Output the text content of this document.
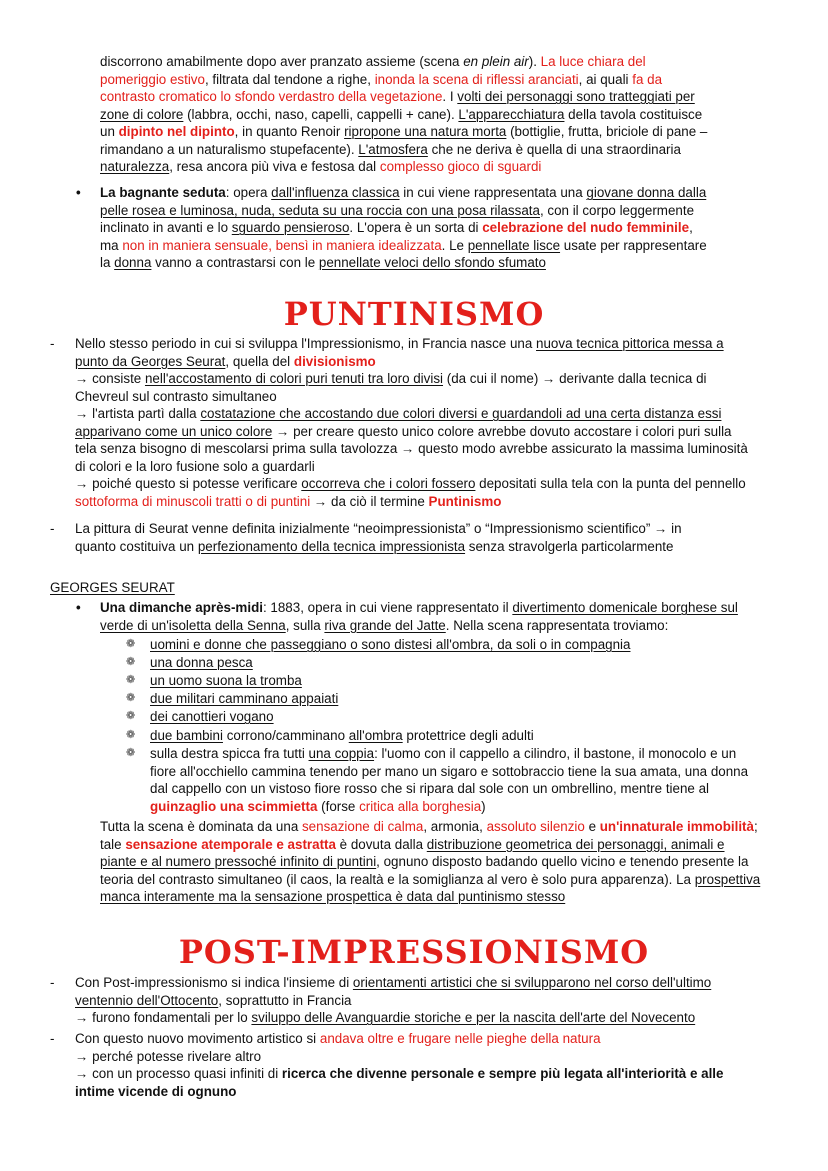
discorrono amabilmente dopo aver pranzato assieme (scena en plein air). La luce chiara del

pomeriggio estivo, filtrata dal tendone a righe, inonda la scena di riflessi aranciati, ai quali fa da

contrasto cromatico lo sfondo verdastro della vegetazione. I volti dei personaggi sono tratteggiati per

zone di colore (labbra, occhi, naso, capelli, cappelli + cane). L'apparecchiatura della tavola costituisce

un dipinto nel dipinto, in quanto Renoir ripropone una natura morta (bottiglie, frutta, briciole di pane –

rimandano a un naturalismo stupefacente). L'atmosfera che ne deriva è quella di una straordinaria

naturalezza, resa ancora più viva e festosa dal complesso gioco di sguardi

• La bagnante seduta: opera dall'influenza classica in cui viene rappresentata una giovane donna dalla

pelle rosea e luminosa, nuda, seduta su una roccia con una posa rilassata, con il corpo leggermente

inclinato in avanti e lo sguardo pensieroso. L'opera è un sorta di celebrazione del nudo femminile,

ma non in maniera sensuale, bensì in maniera idealizzata. Le pennellate lisce usate per rappresentare

la donna vanno a contrastarsi con le pennellate veloci dello sfondo sfumato

PUNTINISMO
- Nello stesso periodo in cui si sviluppa l'Impressionismo, in Francia nasce una nuova tecnica pittorica messa a

punto da Georges Seurat, quella del divisionismo

→ consiste nell'accostamento di colori puri tenuti tra loro divisi (da cui il nome) → derivante dalla tecnica di

Chevreul sul contrasto simultaneo

→ l'artista partì dalla costatazione che accostando due colori diversi e guardandoli ad una certa distanza essi

apparivano come un unico colore → per creare questo unico colore avrebbe dovuto accostare i colori puri sulla

tela senza bisogno di mescolarsi prima sulla tavolozza → questo modo avrebbe assicurato la massima luminosità

di colori e la loro fusione solo a guardarli

→ poiché questo si potesse verificare occorreva che i colori fossero depositati sulla tela con la punta del pennello

sottoforma di minuscoli tratti o di puntini → da ciò il termine Puntinismo

- La pittura di Seurat venne definita inizialmente “neoimpressionista” o “Impressionismo scientifico” → in

quanto costituiva un perfezionamento della tecnica impressionista senza stravolgerla particolarmente

GEORGES SEURAT
• Una dimanche après-midi: 1883, opera in cui viene rappresentato il divertimento domenicale borghese sul

verde di un'isoletta della Senna, sulla riva grande del Jatte. Nella scena rappresentata troviamo:

❁ uomini e donne che passeggiano o sono distesi all'ombra, da soli o in compagnia
❁ una donna pesca
❁ un uomo suona la tromba
❁ due militari camminano appaiati
❁ dei canottieri vogano
❁ due bambini corrono/camminano all'ombra protettrice degli adulti
❁ sulla destra spicca fra tutti una coppia: l'uomo con il cappello a cilindro, il bastone, il monocolo e un

fiore all'occhiello cammina tenendo per mano un sigaro e sottobraccio tiene la sua amata, una donna

dal cappello con un vistoso fiore rosso che si ripara dal sole con un ombrellino, mentre tiene al

guinzaglio una scimmietta (forse critica alla borghesia)

Tutta la scena è dominata da una sensazione di calma, armonia, assoluto silenzio e un'innaturale immobilità;

tale sensazione atemporale e astratta è dovuta dalla distribuzione geometrica dei personaggi, animali e

piante e al numero pressoché infinito di puntini, ognuno disposto badando quello vicino e tenendo presente la

teoria del contrasto simultaneo (il caos, la realtà e la somiglianza al vero è solo pura apparenza). La prospettiva

manca interamente ma la sensazione prospettica è data dal puntinismo stesso

POST-IMPRESSIONISMO
- Con Post-impressionismo si indica l'insieme di orientamenti artistici che si svilupparono nel corso dell'ultimo

ventennio dell'Ottocento, soprattutto in Francia

→ furono fondamentali per lo sviluppo delle Avanguardie storiche e per la nascita dell'arte del Novecento

- Con questo nuovo movimento artistico si andava oltre e frugare nelle pieghe della natura

→ perché potesse rivelare altro

→ con un processo quasi infiniti di ricerca che divenne personale e sempre più legata all'interiorità e alle

intime vicende di ognuno
